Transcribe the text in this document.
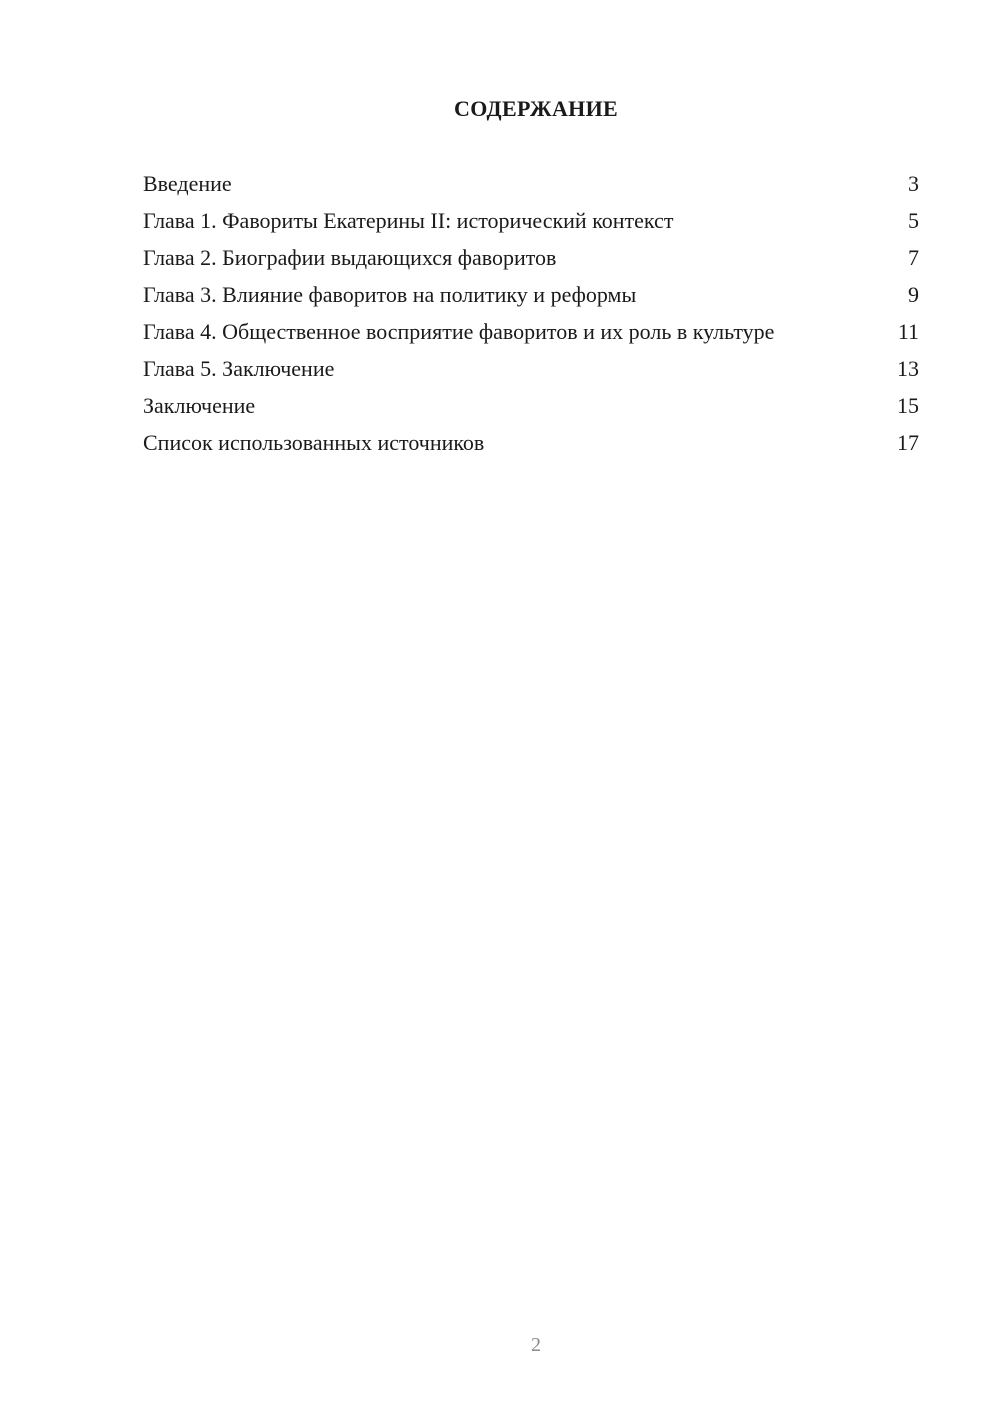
СОДЕРЖАНИЕ
Введение	3
Глава 1. Фавориты Екатерины II: исторический контекст	5
Глава 2. Биографии выдающихся фаворитов	7
Глава 3. Влияние фаворитов на политику и реформы	9
Глава 4. Общественное восприятие фаворитов и их роль в культуре	11
Глава 5. Заключение	13
Заключение	15
Список использованных источников	17
2
